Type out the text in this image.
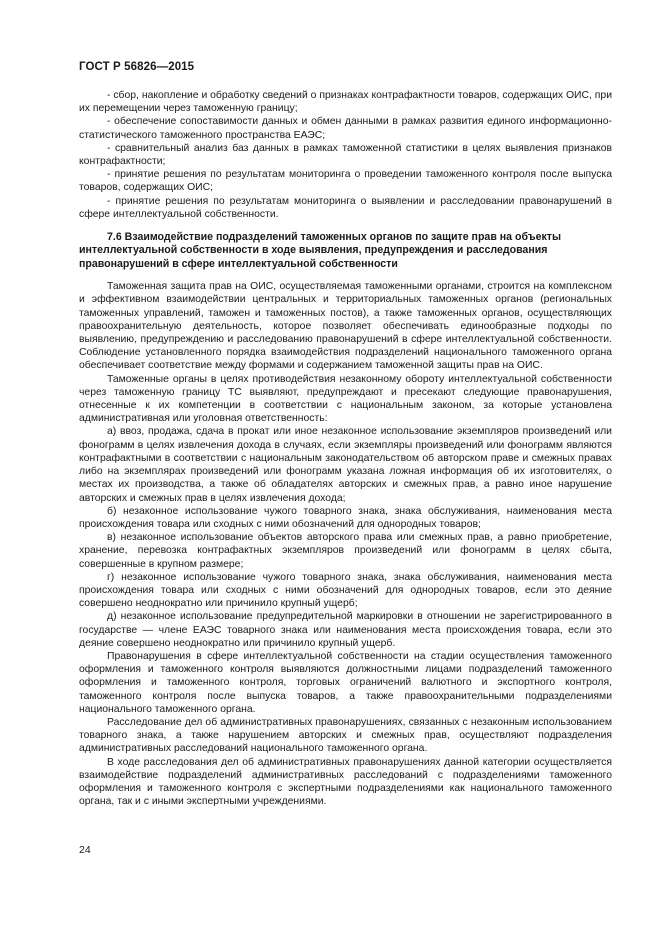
ГОСТ Р 56826—2015

- сбор, накопление и обработку сведений о признаках контрафактности товаров, содержащих ОИС, при их перемещении через таможенную границу;

- обеспечение сопоставимости данных и обмен данными в рамках развития единого информационно-статистического таможенного пространства ЕАЭС;

- сравнительный анализ баз данных в рамках таможенной статистики в целях выявления признаков контрафактности;

- принятие решения по результатам мониторинга о проведении таможенного контроля после выпуска товаров, содержащих ОИС;

- принятие решения по результатам мониторинга о выявлении и расследовании правонарушений в сфере интеллектуальной собственности.

7.6 Взаимодействие подразделений таможенных органов по защите прав на объекты интеллектуальной собственности в ходе выявления, предупреждения и расследования правонарушений в сфере интеллектуальной собственности

Таможенная защита прав на ОИС, осуществляемая таможенными органами, строится на комплексном и эффективном взаимодействии центральных и территориальных таможенных органов (региональных таможенных управлений, таможен и таможенных постов), а также таможенных органов, осуществляющих правоохранительную деятельность, которое позволяет обеспечивать единообразные подходы по выявлению, предупреждению и расследованию правонарушений в сфере интеллектуальной собственности. Соблюдение установленного порядка взаимодействия подразделений национального таможенного органа обеспечивает соответствие между формами и содержанием таможенной защиты прав на ОИС.

Таможенные органы в целях противодействия незаконному обороту интеллектуальной собственности через таможенную границу ТС выявляют, предупреждают и пресекают следующие правонарушения, отнесенные к их компетенции в соответствии с национальным законом, за которые установлена административная или уголовная ответственность:

а) ввоз, продажа, сдача в прокат или иное незаконное использование экземпляров произведений или фонограмм в целях извлечения дохода в случаях, если экземпляры произведений или фонограмм являются контрафактными в соответствии с национальным законодательством об авторском праве и смежных правах либо на экземплярах произведений или фонограмм указана ложная информация об их изготовителях, о местах их производства, а также об обладателях авторских и смежных прав, а равно иное нарушение авторских и смежных прав в целях извлечения дохода;

б) незаконное использование чужого товарного знака, знака обслуживания, наименования места происхождения товара или сходных с ними обозначений для однородных товаров;

в) незаконное использование объектов авторского права или смежных прав, а равно приобретение, хранение, перевозка контрафактных экземпляров произведений или фонограмм в целях сбыта, совершенные в крупном размере;

г) незаконное использование чужого товарного знака, знака обслуживания, наименования места происхождения товара или сходных с ними обозначений для однородных товаров, если это деяние совершено неоднократно или причинило крупный ущерб;

д) незаконное использование предупредительной маркировки в отношении не зарегистрированного в государстве — члене ЕАЭС товарного знака или наименования места происхождения товара, если это деяние совершено неоднократно или причинило крупный ущерб.

Правонарушения в сфере интеллектуальной собственности на стадии осуществления таможенного оформления и таможенного контроля выявляются должностными лицами подразделений таможенного оформления и таможенного контроля, торговых ограничений валютного и экспортного контроля, таможенного контроля после выпуска товаров, а также правоохранительными подразделениями национального таможенного органа.

Расследование дел об административных правонарушениях, связанных с незаконным использованием товарного знака, а также нарушением авторских и смежных прав, осуществляют подразделения административных расследований национального таможенного органа.

В ходе расследования дел об административных правонарушениях данной категории осуществляется взаимодействие подразделений административных расследований с подразделениями таможенного оформления и таможенного контроля с экспертными подразделениями как национального таможенного органа, так и с иными экспертными учреждениями.

24
